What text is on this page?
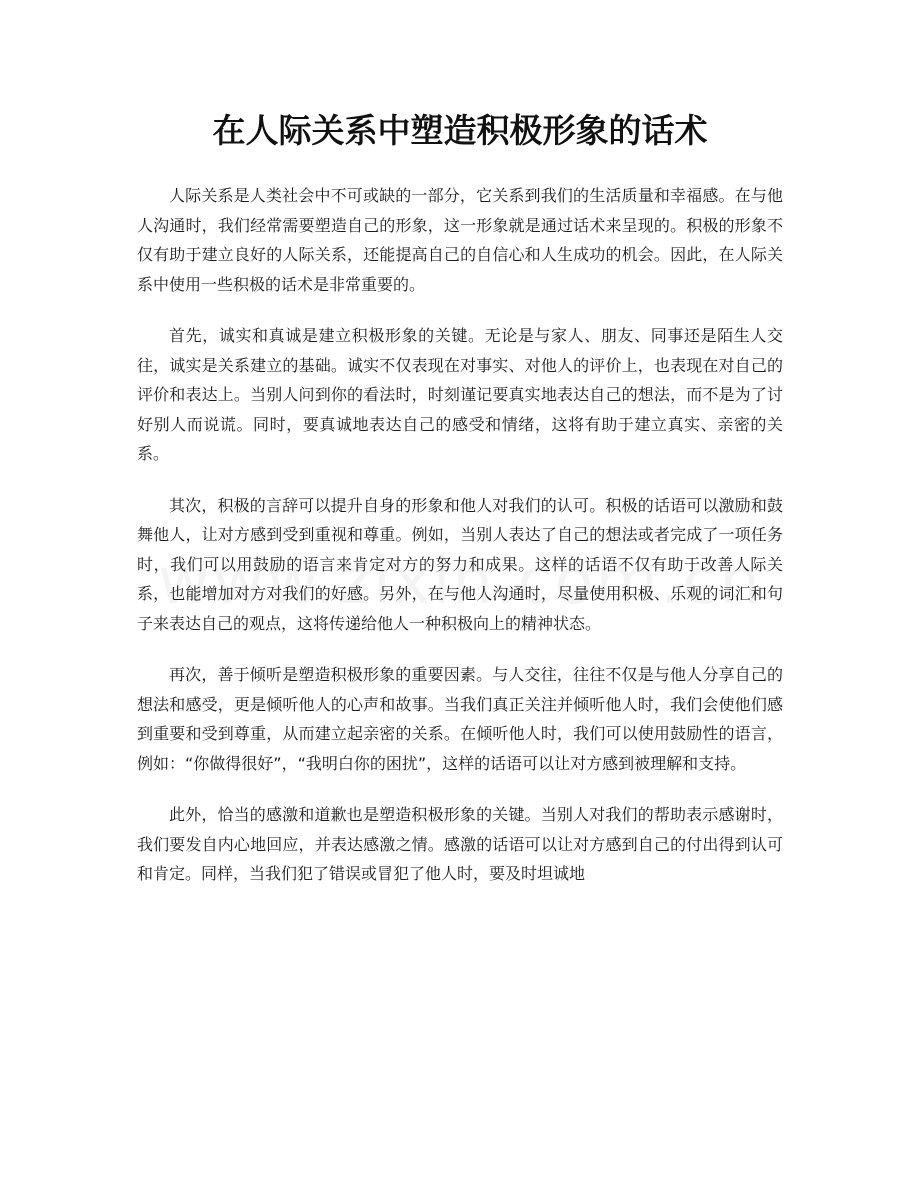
在人际关系中塑造积极形象的话术

人际关系是人类社会中不可或缺的一部分，它关系到我们的生活质量和幸福感。在与他人沟通时，我们经常需要塑造自己的形象，这一形象就是通过话术来呈现的。积极的形象不仅有助于建立良好的人际关系，还能提高自己的自信心和人生成功的机会。因此，在人际关系中使用一些积极的话术是非常重要的。

首先，诚实和真诚是建立积极形象的关键。无论是与家人、朋友、同事还是陌生人交往，诚实是关系建立的基础。诚实不仅表现在对事实、对他人的评价上，也表现在对自己的评价和表达上。当别人问到你的看法时，时刻谨记要真实地表达自己的想法，而不是为了讨好别人而说谎。同时，要真诚地表达自己的感受和情绪，这将有助于建立真实、亲密的关系。

其次，积极的言辞可以提升自身的形象和他人对我们的认可。积极的话语可以激励和鼓舞他人，让对方感到受到重视和尊重。例如，当别人表达了自己的想法或者完成了一项任务时，我们可以用鼓励的语言来肯定对方的努力和成果。这样的话语不仅有助于改善人际关系，也能增加对方对我们的好感。另外，在与他人沟通时，尽量使用积极、乐观的词汇和句子来表达自己的观点，这将传递给他人一种积极向上的精神状态。

再次，善于倾听是塑造积极形象的重要因素。与人交往，往往不仅是与他人分享自己的想法和感受，更是倾听他人的心声和故事。当我们真正关注并倾听他人时，我们会使他们感到重要和受到尊重，从而建立起亲密的关系。在倾听他人时，我们可以使用鼓励性的语言，例如：“你做得很好”，“我明白你的困扰”，这样的话语可以让对方感到被理解和支持。

此外，恰当的感激和道歉也是塑造积极形象的关键。当别人对我们的帮助表示感谢时，我们要发自内心地回应，并表达感激之情。感激的话语可以让对方感到自己的付出得到认可和肯定。同样，当我们犯了错误或冒犯了他人时，要及时坦诚地
